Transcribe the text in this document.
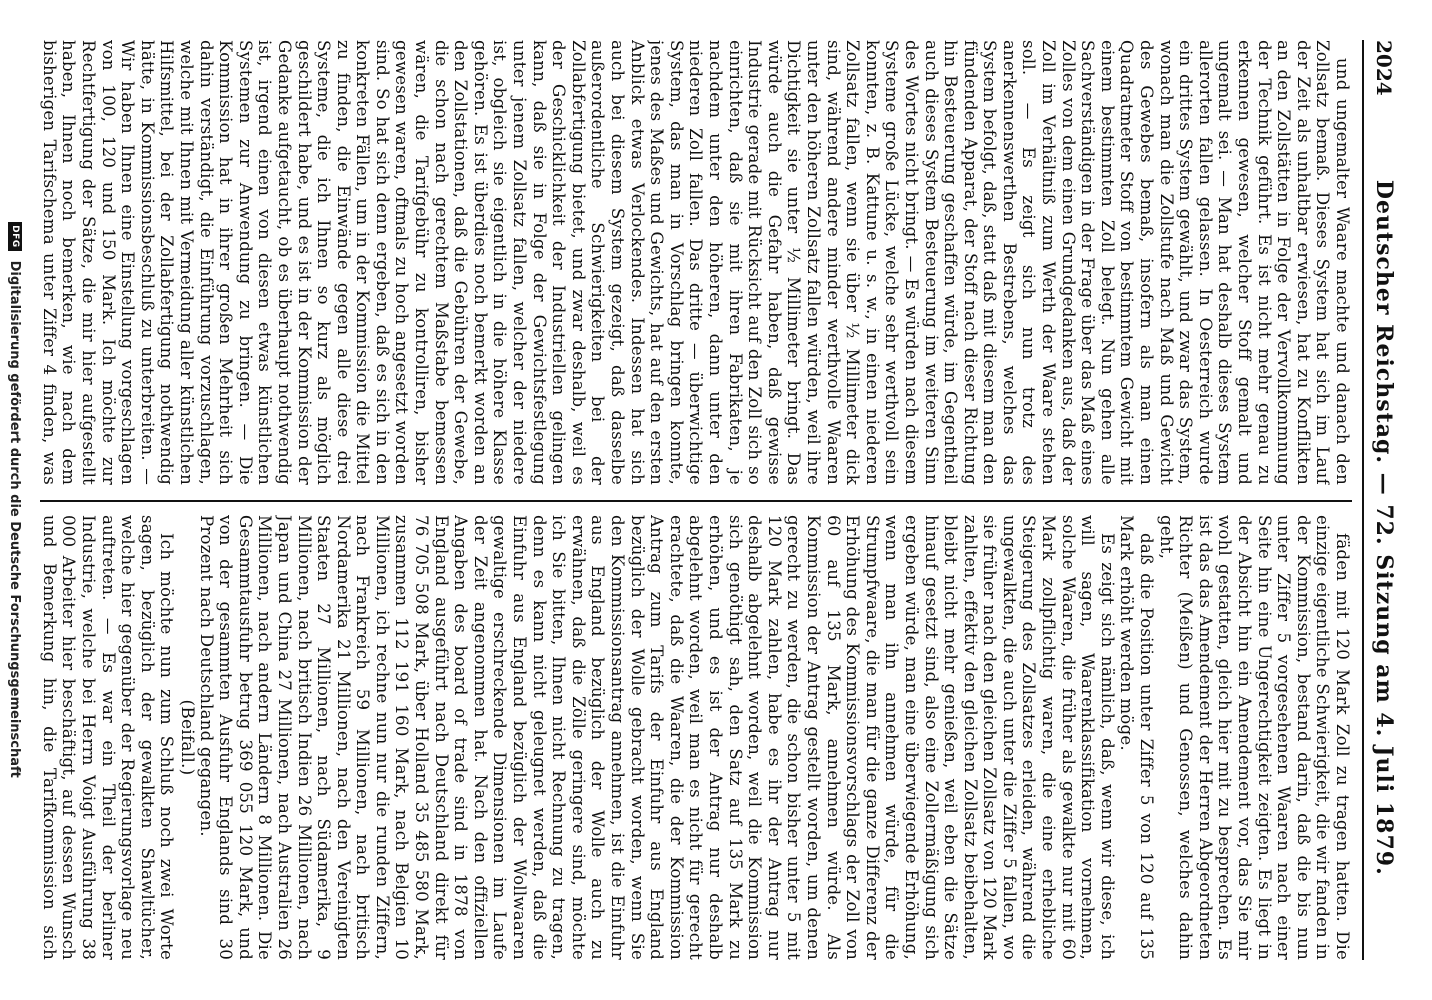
2024
Deutscher Reichstag. — 72. Sitzung am 4. Juli 1879.

und ungemalter Waare machte und danach den Zollsatz bemaß. Dieses System hat sich im Lauf der Zeit als unhaltbar erwiesen, hat zu Konflikten an den Zollstätten in Folge der Vervollkommnung der Technik geführt. Es ist nicht mehr genau zu erkennen gewesen, welcher Stoff gemalt und ungemalt sei. — Man hat deshalb dieses System allerorten fallen gelassen. In Oesterreich wurde ein drittes System gewählt, und zwar das System, wonach man die Zollstufe nach Maß und Gewicht des Gewebes bemaß, insofern als man einen Quadratmeter Stoff von bestimmtem Gewicht mit einem bestimmten Zoll belegt. Nun gehen alle Sachverständigen in der Frage über das Maß eines Zolles von dem einen Grundgedanken aus, daß der Zoll im Verhältniß zum Werth der Waare stehen soll. — Es zeigt sich nun trotz des anerkennenswerthen Bestrebens, welches das System befolgt, daß, statt daß mit diesem man den fündenden Apparat, der Stoff nach dieser Richtung hin Besteuerung geschaffen würde, im Gegentheil auch dieses System Besteuerung im weiteren Sinn des Wortes nicht bringt. — Es würden nach diesem Systeme große Lücke, welche sehr werthvoll sein konnten, z. B. Kattune u. s. w., in einen niederen Zollsatz fallen, wenn sie über ½ Millimeter dick sind, während andere minder werthvolle Waaren unter den höheren Zollsatz fallen würden, weil ihre Dichtigkeit sie unter ½ Millimeter bringt. Das würde auch die Gefahr haben, daß gewisse Industrie gerade mit Rücksicht auf den Zoll sich so einrichten, daß sie mit ihren Fabrikaten, je nachdem unter den höheren, dann unter den niederen Zoll fallen. Das dritte — überwichtige System, das man in Vorschlag bringen konnte, jenes des Maßes und Gewichts, hat auf den ersten Anblick etwas Verlockendes. Indessen hat sich auch bei diesem System gezeigt, daß dasselbe außerordentliche Schwierigkeiten bei der Zollabfertigung bietet, und zwar deshalb, weil es der Geschicklichkeit der Industriellen gelingen kann, daß sie in Folge der Gewichtsfestlegung unter jenem Zollsatz fallen, welcher der niedere ist, obgleich sie eigentlich in die höhere Klasse gehören. Es ist überdies noch bemerkt worden an den Zollstationen, daß die Gebühren der Gewebe, die schon nach gerechtem Maßstabe bemessen wären, die Tarifgebühr zu kontrolliren, bisher gewesen waren, oftmals zu hoch angesetzt worden sind. So hat sich denn ergeben, daß es sich in den konkreten Fällen, um in der Kommission die Mittel zu finden, die Einwände gegen alle diese drei Systeme, die ich Ihnen so kurz als möglich geschildert habe, und es ist in der Kommission der Gedanke aufgetaucht, ob es überhaupt nothwendig ist, irgend einen von diesen etwas künstlichen Systemen zur Anwendung zu bringen. — Die Kommission hat in ihrer großen Mehrheit sich dahin verständigt, die Einführung vorzuschlagen, welche mit Ihnen mit Vermeidung aller künstlichen Hilfsmittel, bei der Zollabfertigung nothwendig hätte, in Kommissionsbeschluß zu unterbreiten. — Wir haben Ihnen eine Einstellung vorgeschlagen von 100, 120 und 150 Mark. Ich möchte zur Rechtfertigung der Sätze, die mir hier aufgestellt haben, Ihnen noch bemerken, wie nach dem bisherigen Tarifschema unter Ziffer 4 finden, was

fäden mit 120 Mark Zoll zu tragen hatten. Die einzige eigentliche Schwierigkeit, die wir fanden in der Kommission, bestand darin, daß die bis nun unter Ziffer 5 vorgesehenen Waaren nach einer Seite hin eine Ungerechtigkeit zeigten. Es liegt in der Absicht hin ein Amendement vor, das Sie mir wohl gestatten, gleich hier mit zu besprechen. Es ist das das Amendement der Herren Abgeordneten Richter (Meißen) und Genossen, welches dahin geht,

daß die Position unter Ziffer 5 von 120 auf 135 Mark erhöht werden möge.

Es zeigt sich nämlich, daß, wenn wir diese, ich will sagen, Waarenklassifikation vornehmen, solche Waaren, die früher als gewalkte nur mit 60 Mark zollpflichtig waren, die eine erhebliche Steigerung des Zollsatzes erleiden, während die ungewalkten, die auch unter die Ziffer 5 fallen, wo sie früher nach den gleichen Zollsatz von 120 Mark zahlten, effektiv den gleichen Zollsatz beibehalten, bleibt nicht mehr genießen, weil eben die Sätze hinauf gesetzt sind, also eine Zollermäßigung sich ergeben würde, man eine überwiegende Erhöhung, wenn man ihn annehmen würde, für die Strumpfwaare, die man für die ganze Differenz der Erhöhung des Kommissionsvorschlags der Zoll von 60 auf 135 Mark, annehmen würde. Als Kommission der Antrag gestellt worden, um denen gerecht zu werden, die schon bisher unter 5 mit 120 Mark zahlen, habe es ihr der Antrag nur deshalb abgelehnt worden, weil die Kommission sich genöthigt sah, den Satz auf 135 Mark zu erhöhen, und es ist der Antrag nur deshalb abgelehnt worden, weil man es nicht für gerecht erachtete, daß die Waaren, die der Kommission Antrag zum Tarifs der Einfuhr aus England bezüglich der Wolle gebracht worden, wenn Sie den Kommissionsantrag annehmen, ist die Einfuhr aus England bezüglich der Wolle auch zu erwähnen, daß die Zölle geringere sind, möchte ich Sie bitten, Ihnen nicht Rechnung zu tragen, denn es kann nicht geleugnet werden, daß die Einfuhr aus England bezüglich der Wollwaaren gewaltige erschreckende Dimensionen im Laufe der Zeit angenommen hat. Nach den offiziellen Angaben des board of trade sind in 1878 von England ausgeführt nach Deutschland direkt für 76 705 508 Mark, über Holland 35 485 580 Mark, zusammen 112 191 160 Mark, nach Belgien 10 Millionen, ich rechne nun nur die runden Ziffern, nach Frankreich 59 Millionen, nach britisch Nordamerika 21 Millionen, nach den Vereinigten Staaten 27 Millionen, nach Südamerika, 9 Millionen, nach britisch Indien 26 Millionen, nach Japan und China 27 Millionen, nach Australien 26 Millionen, nach andern Ländern 8 Millionen. Die Gesammtausfuhr betrug 369 055 120 Mark, und von der gesammten Ausfuhr Englands sind 30 Prozent nach Deutschland gegangen.

(Beifall.)

Ich möchte nun zum Schluß noch zwei Worte sagen, bezüglich der gewalkten Shawltücher, welche hier gegenüber der Regierungsvorlage neu auftreten. — Es war ein Theil der berliner Industrie, welche bei Herrn Voigt Ausführung 38 000 Arbeiter hier beschäftigt, auf dessen Wunsch und Bemerkung hin, die Tarifkommission sich

DFG
Digitalisierung gefördert durch die Deutsche Forschungsgemeinschaft
